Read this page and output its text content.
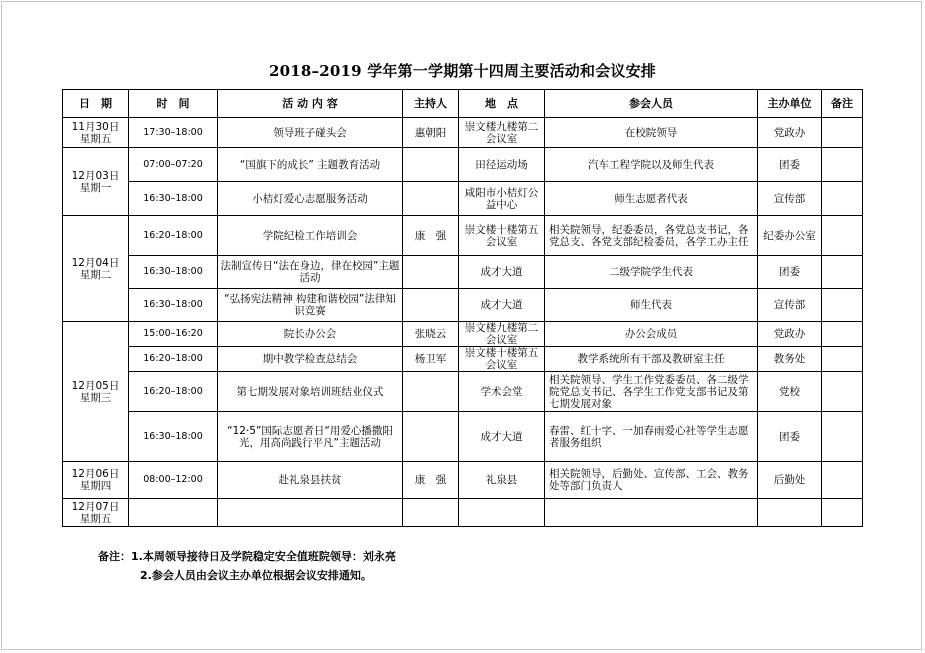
2018–2019 学年第一学期第十四周主要活动和会议安排
日　期	时　间	活 动 内 容	主持人	地　点	参会人员	主办单位	备注

11月30日
星期五	17:30–18:00	领导班子碰头会	惠朝阳	崇文楼九楼第二会议室	在校院领导	党政办	

12月03日
星期一	07:00–07:20	“国旗下的成长” 主题教育活动		田径运动场	汽车工程学院以及师生代表	团委	
	16:30–18:00	小桔灯爱心志愿服务活动		咸阳市小桔灯公益中心	师生志愿者代表	宣传部	

12月04日
星期二	16:20–18:00	学院纪检工作培训会	康　强	崇文楼十楼第五会议室	相关院领导，纪委委员，各党总支书记，各党总支、各党支部纪检委员，各学工办主任	纪委办公室	
	16:30–18:00	法制宣传日“法在身边，律在校园”主题活动		成才大道	二级学院学生代表	团委	
	16:30–18:00	“弘扬宪法精神 构建和谐校园”法律知识竞赛		成才大道	师生代表	宣传部	

12月05日
星期三	15:00–16:20	院长办公会	张晓云	崇文楼九楼第二会议室	办公会成员	党政办	
	16:20–18:00	期中教学检查总结会	杨卫军	崇文楼十楼第五会议室	教学系统所有干部及教研室主任	教务处	
	16:20–18:00	第七期发展对象培训班结业仪式		学术会堂	相关院领导、学生工作党委委员、各二级学院党总支书记、各学生工作党支部书记及第七期发展对象	党校	
	16:30–18:00	“12·5”国际志愿者日“用爱心播撒阳光，用高尚践行平凡”主题活动		成才大道	春雷、红十字、一加春雨爱心社等学生志愿者服务组织	团委	

12月06日
星期四	08:00–12:00	赴礼泉县扶贫	康　强	礼泉县	相关院领导，后勤处、宣传部、工会、教务处等部门负责人	后勤处	

12月07日
星期五							

备注：1.本周领导接待日及学院稳定安全值班院领导：刘永亮
2.参会人员由会议主办单位根据会议安排通知。
